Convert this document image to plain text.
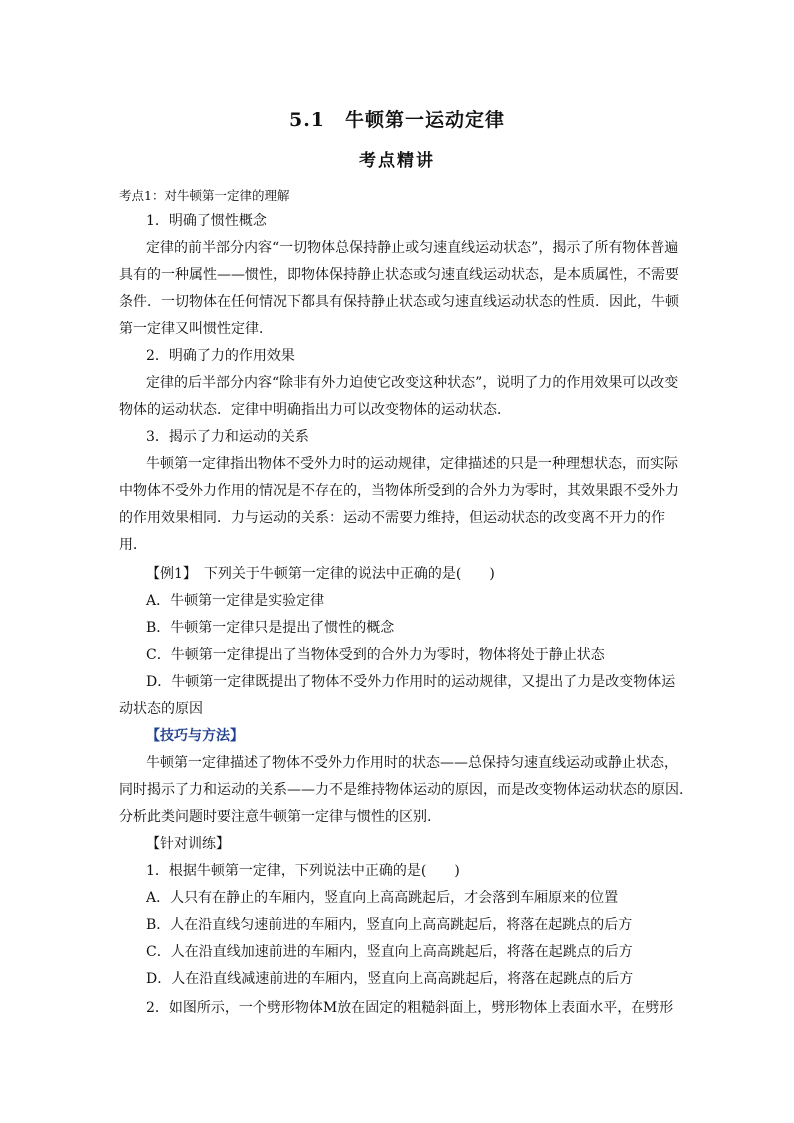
5.1　牛顿第一运动定律
考点精讲
考点1：对牛顿第一定律的理解
1．明确了惯性概念
定律的前半部分内容“一切物体总保持静止或匀速直线运动状态”，揭示了所有物体普遍
具有的一种属性——惯性，即物体保持静止状态或匀速直线运动状态，是本质属性，不需要
条件．一切物体在任何情况下都具有保持静止状态或匀速直线运动状态的性质．因此，牛顿
第一定律又叫惯性定律．
2．明确了力的作用效果
定律的后半部分内容“除非有外力迫使它改变这种状态”，说明了力的作用效果可以改变
物体的运动状态．定律中明确指出力可以改变物体的运动状态．
3．揭示了力和运动的关系
牛顿第一定律指出物体不受外力时的运动规律，定律描述的只是一种理想状态，而实际
中物体不受外力作用的情况是不存在的，当物体所受到的合外力为零时，其效果跟不受外力
的作用效果相同．力与运动的关系：运动不需要力维持，但运动状态的改变离不开力的作
用．
【例1】　下列关于牛顿第一定律的说法中正确的是(　　)
A．牛顿第一定律是实验定律
B．牛顿第一定律只是提出了惯性的概念
C．牛顿第一定律提出了当物体受到的合外力为零时，物体将处于静止状态
D．牛顿第一定律既提出了物体不受外力作用时的运动规律，又提出了力是改变物体运
动状态的原因
【技巧与方法】
牛顿第一定律描述了物体不受外力作用时的状态——总保持匀速直线运动或静止状态，
同时揭示了力和运动的关系——力不是维持物体运动的原因，而是改变物体运动状态的原因.
分析此类问题时要注意牛顿第一定律与惯性的区别.
【针对训练】
1．根据牛顿第一定律，下列说法中正确的是(　　)
A．人只有在静止的车厢内，竖直向上高高跳起后，才会落到车厢原来的位置
B．人在沿直线匀速前进的车厢内，竖直向上高高跳起后，将落在起跳点的后方
C．人在沿直线加速前进的车厢内，竖直向上高高跳起后，将落在起跳点的后方
D．人在沿直线减速前进的车厢内，竖直向上高高跳起后，将落在起跳点的后方
2．如图所示，一个劈形物体M放在固定的粗糙斜面上，劈形物体上表面水平，在劈形
